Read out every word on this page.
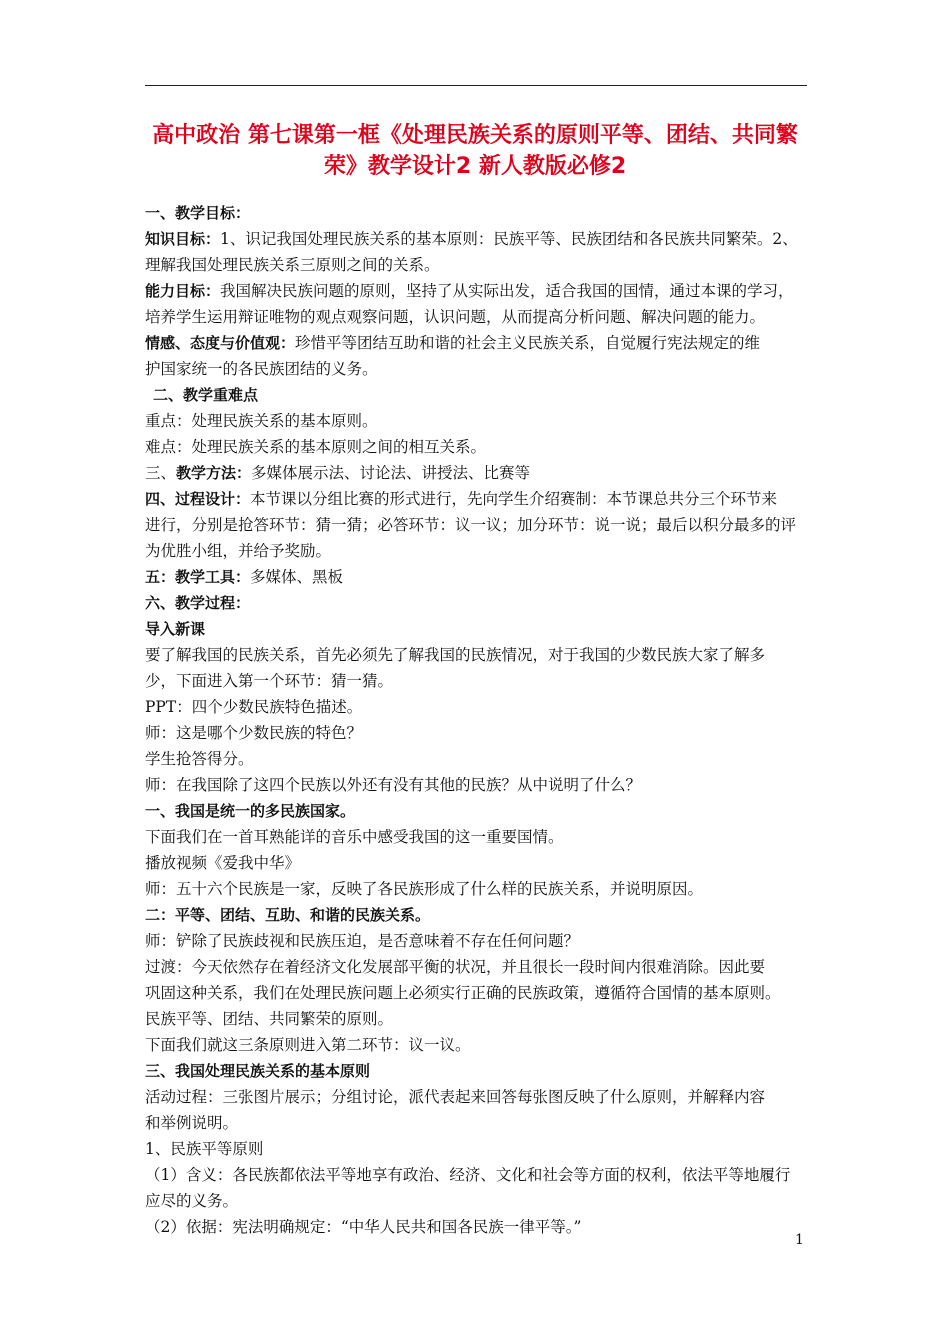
高中政治 第七课第一框《处理民族关系的原则平等、团结、共同繁
荣》教学设计2 新人教版必修2
一、教学目标：
知识目标：1、识记我国处理民族关系的基本原则：民族平等、民族团结和各民族共同繁荣。2、
理解我国处理民族关系三原则之间的关系。
能力目标：我国解决民族问题的原则，坚持了从实际出发，适合我国的国情，通过本课的学习，
培养学生运用辩证唯物的观点观察问题，认识问题，从而提高分析问题、解决问题的能力。
情感、态度与价值观：珍惜平等团结互助和谐的社会主义民族关系，自觉履行宪法规定的维
护国家统一的各民族团结的义务。
二、教学重难点
重点：处理民族关系的基本原则。
难点：处理民族关系的基本原则之间的相互关系。
三、教学方法：多媒体展示法、讨论法、讲授法、比赛等
四、过程设计：本节课以分组比赛的形式进行，先向学生介绍赛制：本节课总共分三个环节来
进行，分别是抢答环节：猜一猜；必答环节：议一议；加分环节：说一说；最后以积分最多的评
为优胜小组，并给予奖励。
五：教学工具：多媒体、黑板
六、教学过程：
导入新课
要了解我国的民族关系，首先必须先了解我国的民族情况，对于我国的少数民族大家了解多
少，下面进入第一个环节：猜一猜。
PPT：四个少数民族特色描述。
师：这是哪个少数民族的特色？
学生抢答得分。
师：在我国除了这四个民族以外还有没有其他的民族？从中说明了什么？
一、我国是统一的多民族国家。
下面我们在一首耳熟能详的音乐中感受我国的这一重要国情。
播放视频《爱我中华》
师：五十六个民族是一家，反映了各民族形成了什么样的民族关系，并说明原因。
二：平等、团结、互助、和谐的民族关系。
师：铲除了民族歧视和民族压迫，是否意味着不存在任何问题？
过渡：今天依然存在着经济文化发展部平衡的状况，并且很长一段时间内很难消除。因此要
巩固这种关系，我们在处理民族问题上必须实行正确的民族政策，遵循符合国情的基本原则。
民族平等、团结、共同繁荣的原则。
下面我们就这三条原则进入第二环节：议一议。
三、我国处理民族关系的基本原则
活动过程：三张图片展示；分组讨论，派代表起来回答每张图反映了什么原则，并解释内容
和举例说明。
1、民族平等原则
（1）含义：各民族都依法平等地享有政治、经济、文化和社会等方面的权利，依法平等地履行
应尽的义务。
（2）依据：宪法明确规定：“中华人民共和国各民族一律平等。”
1
